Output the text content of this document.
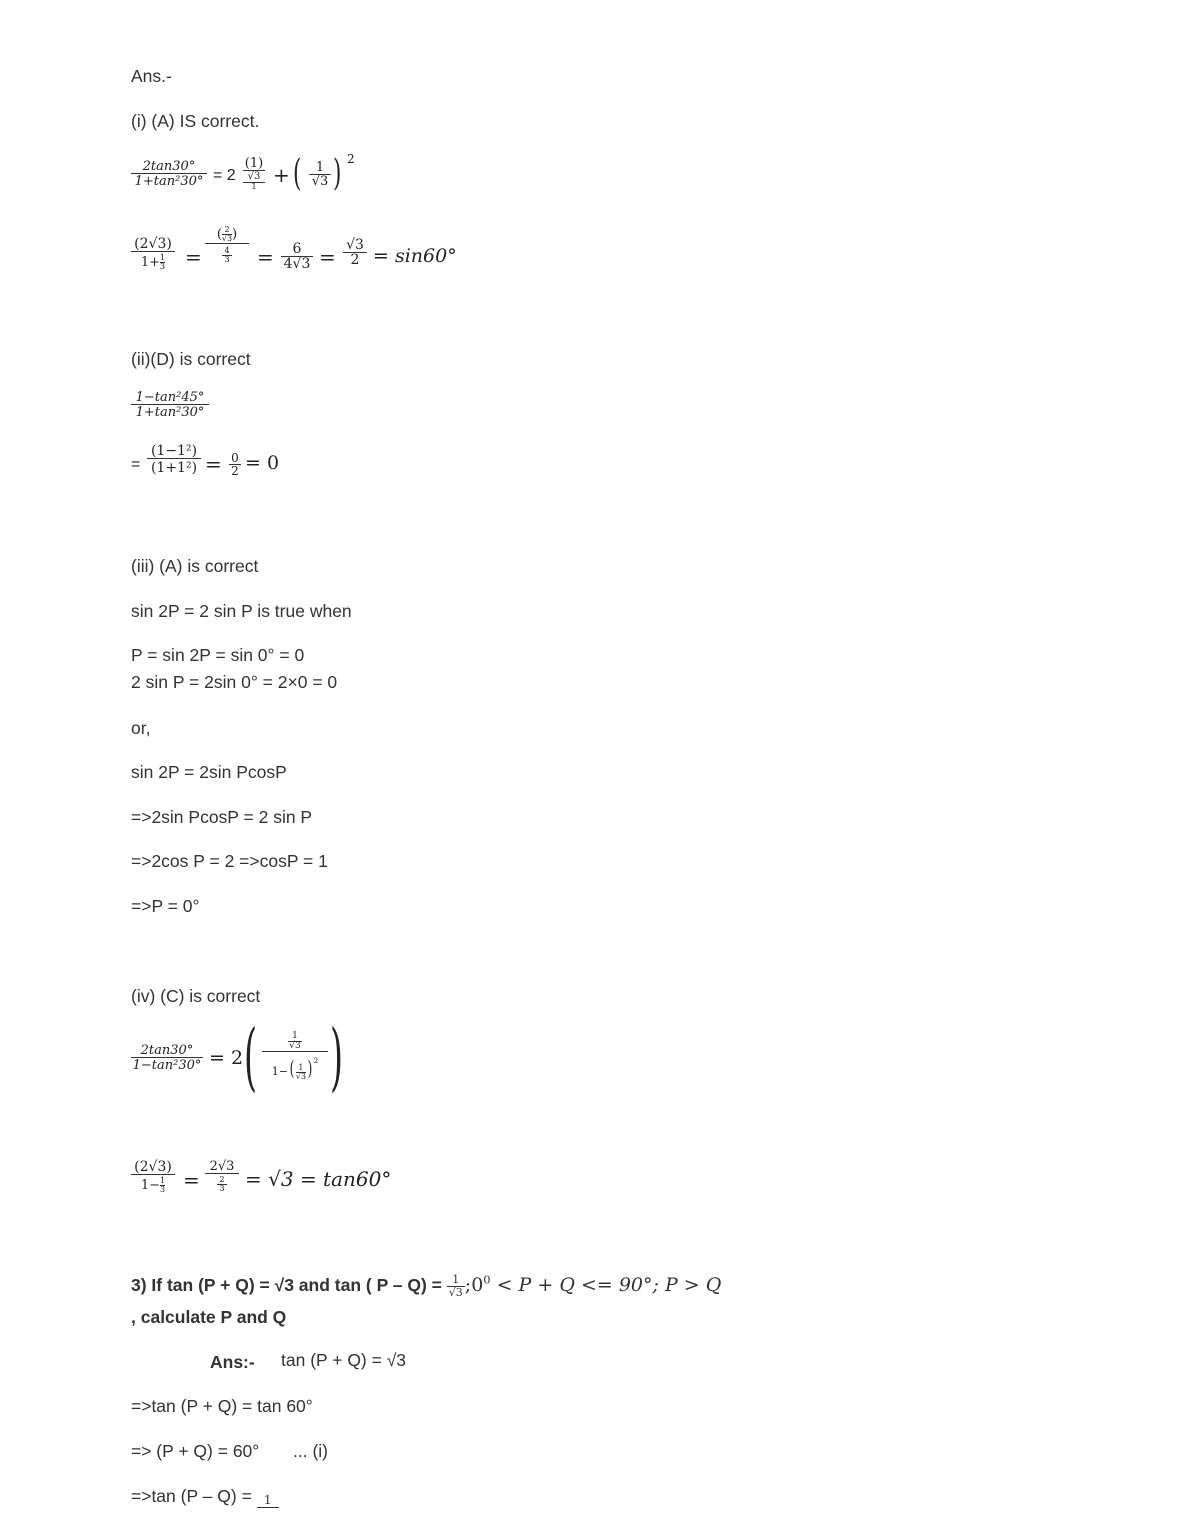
Ans.-
(i) (A) IS correct.
$\frac{2\tan 30^\circ}{\text{1+tan²30°}} = 2$
(1)
√3
1 + ( $\frac{1}{√3}$ ) 2
(2√3)
$1+ \frac{1}{3}$ =
( $\frac{2}{√3}$ )
4
$3 = \frac{6}{4√3} = \frac{√3}{2} = \sin 60^\circ$
(ii)(D) is correct
$\frac{\text{1−tan²45°}}{\text{1+tan²30°}}$
= $\frac{\text{(1−1²)}}{\text{(1+1²)}} = \frac{0}{2} = 0$
(iii) (A) is correct
sin 2P = 2 sin P is true when
P = sin 2P = sin 0° = 0
2 sin P = 2sin 0° = 2×0 = 0
or,
sin 2P = 2sin PcosP
=>2sin PcosP = 2 sin P
=>2cos P = 2 =>cosP = 1
=>P = 0°
(iv) (C) is correct
$\frac{2\tan 30^\circ}{\text{1−tan²30°}} = 2$ (	1
√3
$1-( \frac{1}{√3}$ ) $^2$ )
(2√3)
$1- \frac{1}{3}$ =
2√3
2
3 = √3 = tan60°
3) If tan (P + Q) = √3 and tan ( $P - Q) = \frac{1}{√3}$ $;0^0 < P + Q <= 90^\circ$; P > Q
, calculate P and Q
Ans:- tan (P + Q) = √3
=>tan (P + Q) = tan 60°
=> (P + Q) = 60° ... (i)
=>tan (P – Q) = 1
